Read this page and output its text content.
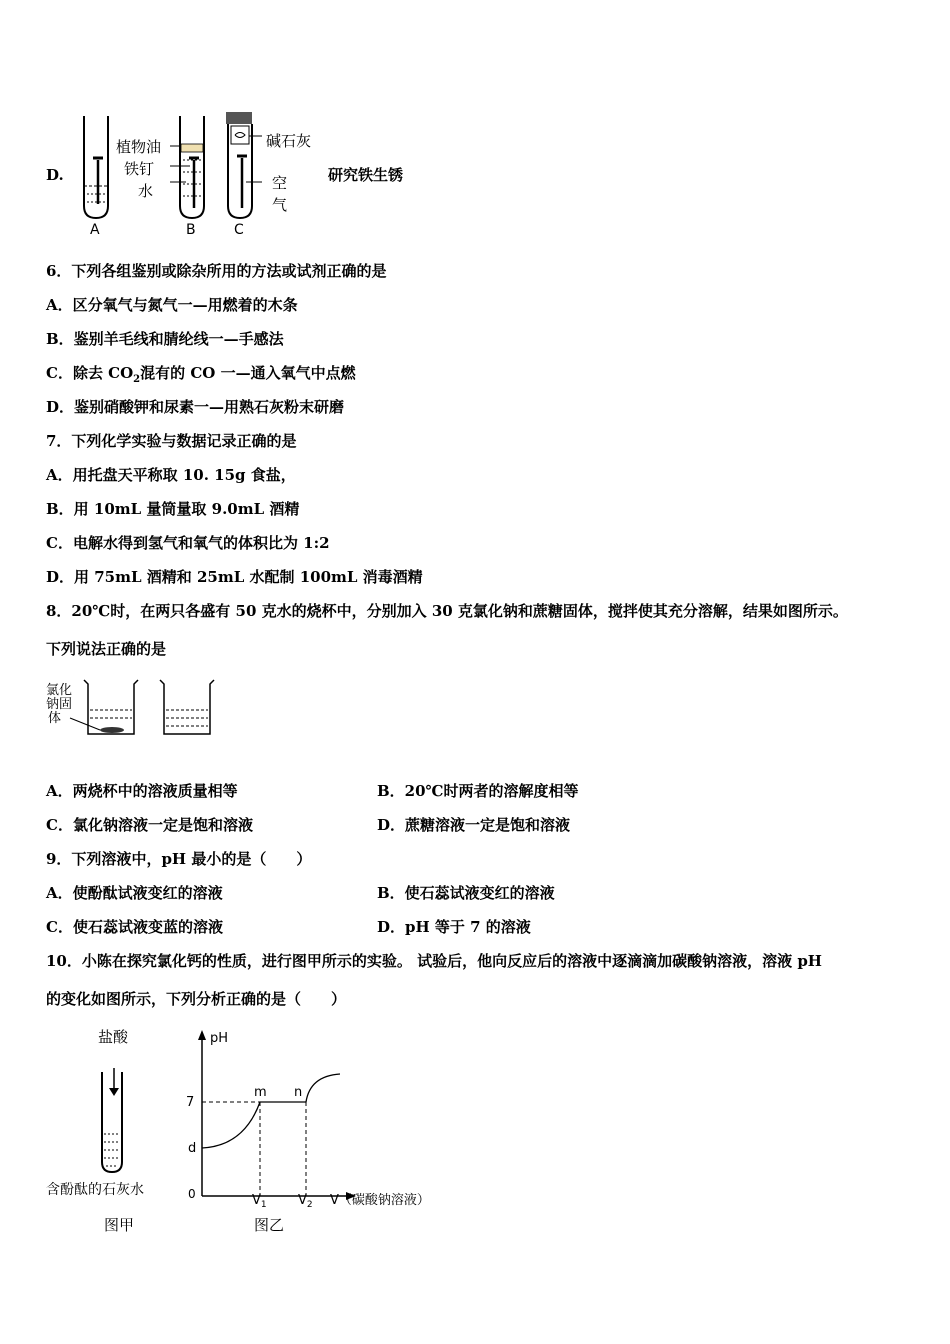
D.
植物油
铁钉
水
碱石灰
空
气
A	B	C
研究铁生锈
6．下列各组鉴别或除杂所用的方法或试剂正确的是
A．区分氧气与氮气一—用燃着的木条
B．鉴别羊毛线和腈纶线一—手感法
C．除去 $CO_2$混有的 CO 一—通入氧气中点燃
D．鉴别硝酸钾和尿素一—用熟石灰粉末研磨
7．下列化学实验与数据记录正确的是
A．用托盘天平称取 10. 15g 食盐，
B．用 10mL 量筒量取 9.0mL 酒精
C．电解水得到氢气和氧气的体积比为 1:2
D．用 75mL 酒精和 25mL 水配制 100mL 消毒酒精
8．20℃时，在两只各盛有 50 克水的烧杯中，分别加入 30 克氯化钠和蔗糖固体，搅拌使其充分溶解，结果如图所示。
下列说法正确的是
氯化
钠固
体
A．两烧杯中的溶液质量相等	B．20℃时两者的溶解度相等
C．氯化钠溶液一定是饱和溶液	D．蔗糖溶液一定是饱和溶液
9．下列溶液中，pH 最小的是（　　）
A．使酚酞试液变红的溶液	B．使石蕊试液变红的溶液
C．使石蕊试液变蓝的溶液	D．pH 等于 7 的溶液
10．小陈在探究氯化钙的性质，进行图甲所示的实验。 试验后，他向反应后的溶液中逐滴滴加碳酸钠溶液，溶液 pH
的变化如图所示，下列分析正确的是（　　）
盐酸
含酚酞的石灰水
图甲
pH
7
d
0
m n
$V_1$ $V_2$ V（碳酸钠溶液）
图乙
